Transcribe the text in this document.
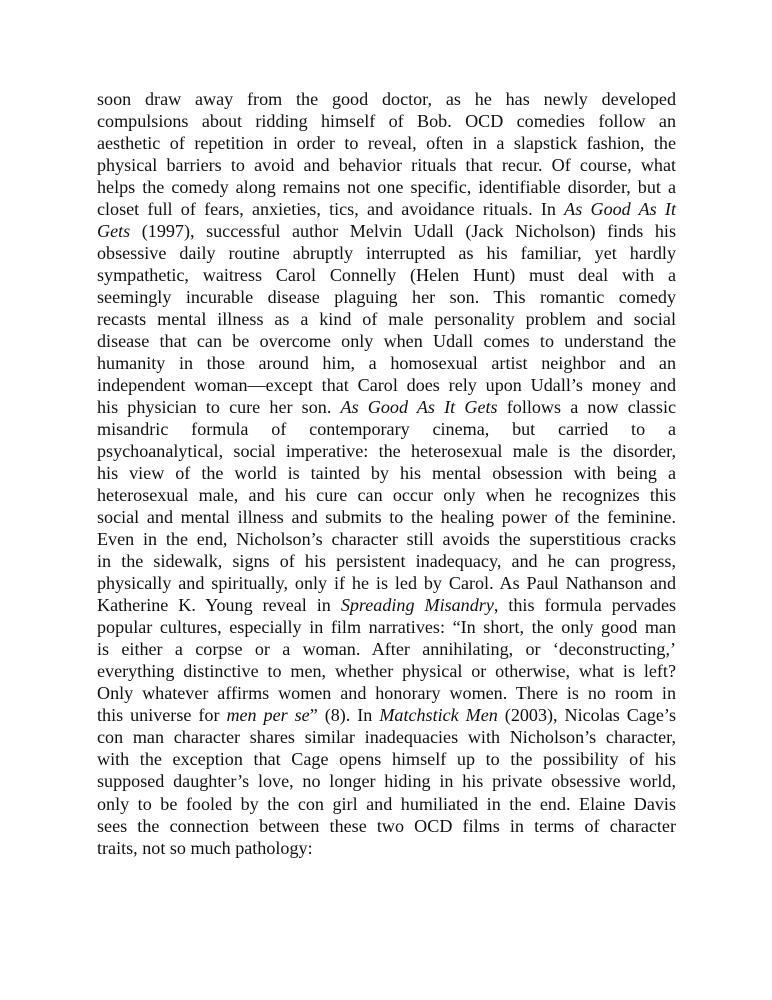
soon draw away from the good doctor, as he has newly developed
compulsions about ridding himself of Bob. OCD comedies follow an
aesthetic of repetition in order to reveal, often in a slapstick fashion, the
physical barriers to avoid and behavior rituals that recur. Of course, what
helps the comedy along remains not one specific, identifiable disorder, but a
closet full of fears, anxieties, tics, and avoidance rituals. In As Good As It
Gets (1997), successful author Melvin Udall (Jack Nicholson) finds his
obsessive daily routine abruptly interrupted as his familiar, yet hardly
sympathetic, waitress Carol Connelly (Helen Hunt) must deal with a
seemingly incurable disease plaguing her son. This romantic comedy
recasts mental illness as a kind of male personality problem and social
disease that can be overcome only when Udall comes to understand the
humanity in those around him, a homosexual artist neighbor and an
independent woman—except that Carol does rely upon Udall’s money and
his physician to cure her son. As Good As It Gets follows a now classic
misandric formula of contemporary cinema, but carried to a
psychoanalytical, social imperative: the heterosexual male is the disorder,
his view of the world is tainted by his mental obsession with being a
heterosexual male, and his cure can occur only when he recognizes this
social and mental illness and submits to the healing power of the feminine.
Even in the end, Nicholson’s character still avoids the superstitious cracks
in the sidewalk, signs of his persistent inadequacy, and he can progress,
physically and spiritually, only if he is led by Carol. As Paul Nathanson and
Katherine K. Young reveal in Spreading Misandry, this formula pervades
popular cultures, especially in film narratives: “In short, the only good man
is either a corpse or a woman. After annihilating, or ‘deconstructing,’
everything distinctive to men, whether physical or otherwise, what is left?
Only whatever affirms women and honorary women. There is no room in
this universe for men per se” (8). In Matchstick Men (2003), Nicolas Cage’s
con man character shares similar inadequacies with Nicholson’s character,
with the exception that Cage opens himself up to the possibility of his
supposed daughter’s love, no longer hiding in his private obsessive world,
only to be fooled by the con girl and humiliated in the end. Elaine Davis
sees the connection between these two OCD films in terms of character
traits, not so much pathology:
